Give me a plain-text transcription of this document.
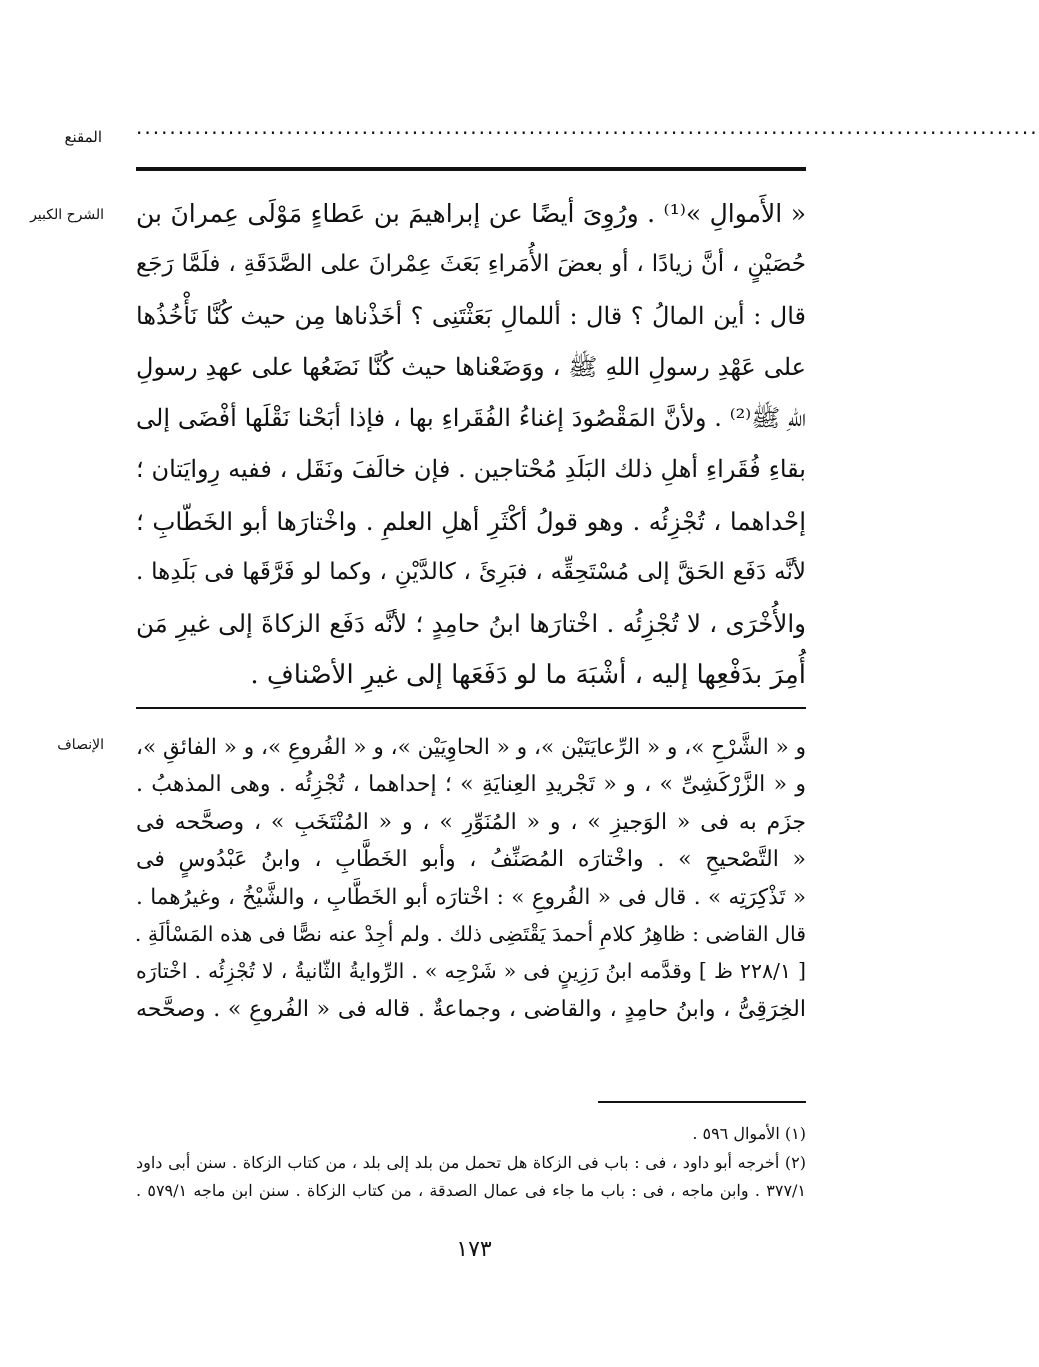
المقنع ············································································································
الشرح الكبير « الأَموالِ »⁽¹⁾ . ورُوِىَ أيضًا عن إبراهيمَ بن عَطاءٍ مَوْلَى عِمرانَ بن
حُصَيْنٍ ، أنَّ زيادًا ، أو بعضَ الأُمَراءِ بَعَثَ عِمْرانَ على الصَّدَقَةِ ، فلَمَّا رَجَع
قال : أين المالُ ؟ قال : أللمالِ بَعَثْتَنِى ؟ أخَذْناها مِن حيث كُنَّا نَأْخُذُها
على عَهْدِ رسولِ اللهِ ﷺ ، ووَضَعْناها حيث كُنَّا نَضَعُها على عهدِ رسولِ
اللهِ ﷺ⁽²⁾ . ولأنَّ المَقْصُودَ إغناءُ الفُقَراءِ بها ، فإذا أبَحْنا نَقْلَها أفْضَى إلى
بقاءِ فُقَراءِ أهلِ ذلك البَلَدِ مُحْتاجين . فإن خالَفَ ونَقَل ، ففيه رِوايَتان ؛
إحْداهما ، تُجْزِئُه . وهو قولُ أكْثَرِ أهلِ العلمِ . واخْتارَها أبو الخَطّابِ ؛
لأنَّه دَفَع الحَقَّ إلى مُسْتَحِقِّه ، فبَرِئَ ، كالدَّيْنِ ، وكما لو فَرَّقَها فى بَلَدِها .
والأُخْرَى ، لا تُجْزِئُه . اخْتارَها ابنُ حامِدٍ ؛ لأنَّه دَفَع الزكاةَ إلى غيرِ مَن
أُمِرَ بدَفْعِها إليه ، أشْبَهَ ما لو دَفَعَها إلى غيرِ الأصْنافِ .
الإنصاف و « الشَّرْحِ »، و « الرِّعايَتَيْن »، و « الحاوِيَيْن »، و « الفُروعِ »، و « الفائقِ »،
و « الزَّرْكَشِىِّ » ، و « تَجْريدِ العِنايَةِ » ؛ إحداهما ، تُجْزِئُه . وهى المذهبُ .
جزَم به فى « الوَجيزِ » ، و « المُنَوِّرِ » ، و « المُنْتَخَبِ » ، وصحَّحه فى
« التَّصْحيحِ » . واخْتارَه المُصَنِّفُ ، وأبو الخَطَّابِ ، وابنُ عَبْدُوسٍ فى
« تَذْكِرَتِه » . قال فى « الفُروعِ » : اخْتارَه أبو الخَطَّابِ ، والشَّيْخُ ، وغيرُهما .
قال القاضى : ظاهِرُ كلامِ أحمدَ يَقْتَضِى ذلك . ولم أجِدْ عنه نصًّا فى هذه المَسْألَةِ .
[ ٢٢٨/١ ظ ] وقدَّمه ابنُ رَزِينٍ فى « شَرْحِه » . الرِّوايةُ الثّانيةُ ، لا تُجْزِئُه . اخْتارَه
الخِرَقِىُّ ، وابنُ حامِدٍ ، والقاضى ، وجماعةٌ . قاله فى « الفُروعِ » . وصحَّحه
(١) الأموال ٥٩٦ .
(٢) أخرجه أبو داود ، فى : باب فى الزكاة هل تحمل من بلد إلى بلد ، من كتاب الزكاة . سنن أبى داود
٣٧٧/١ . وابن ماجه ، فى : باب ما جاء فى عمال الصدقة ، من كتاب الزكاة . سنن ابن ماجه ٥٧٩/١ .
١٧٣
